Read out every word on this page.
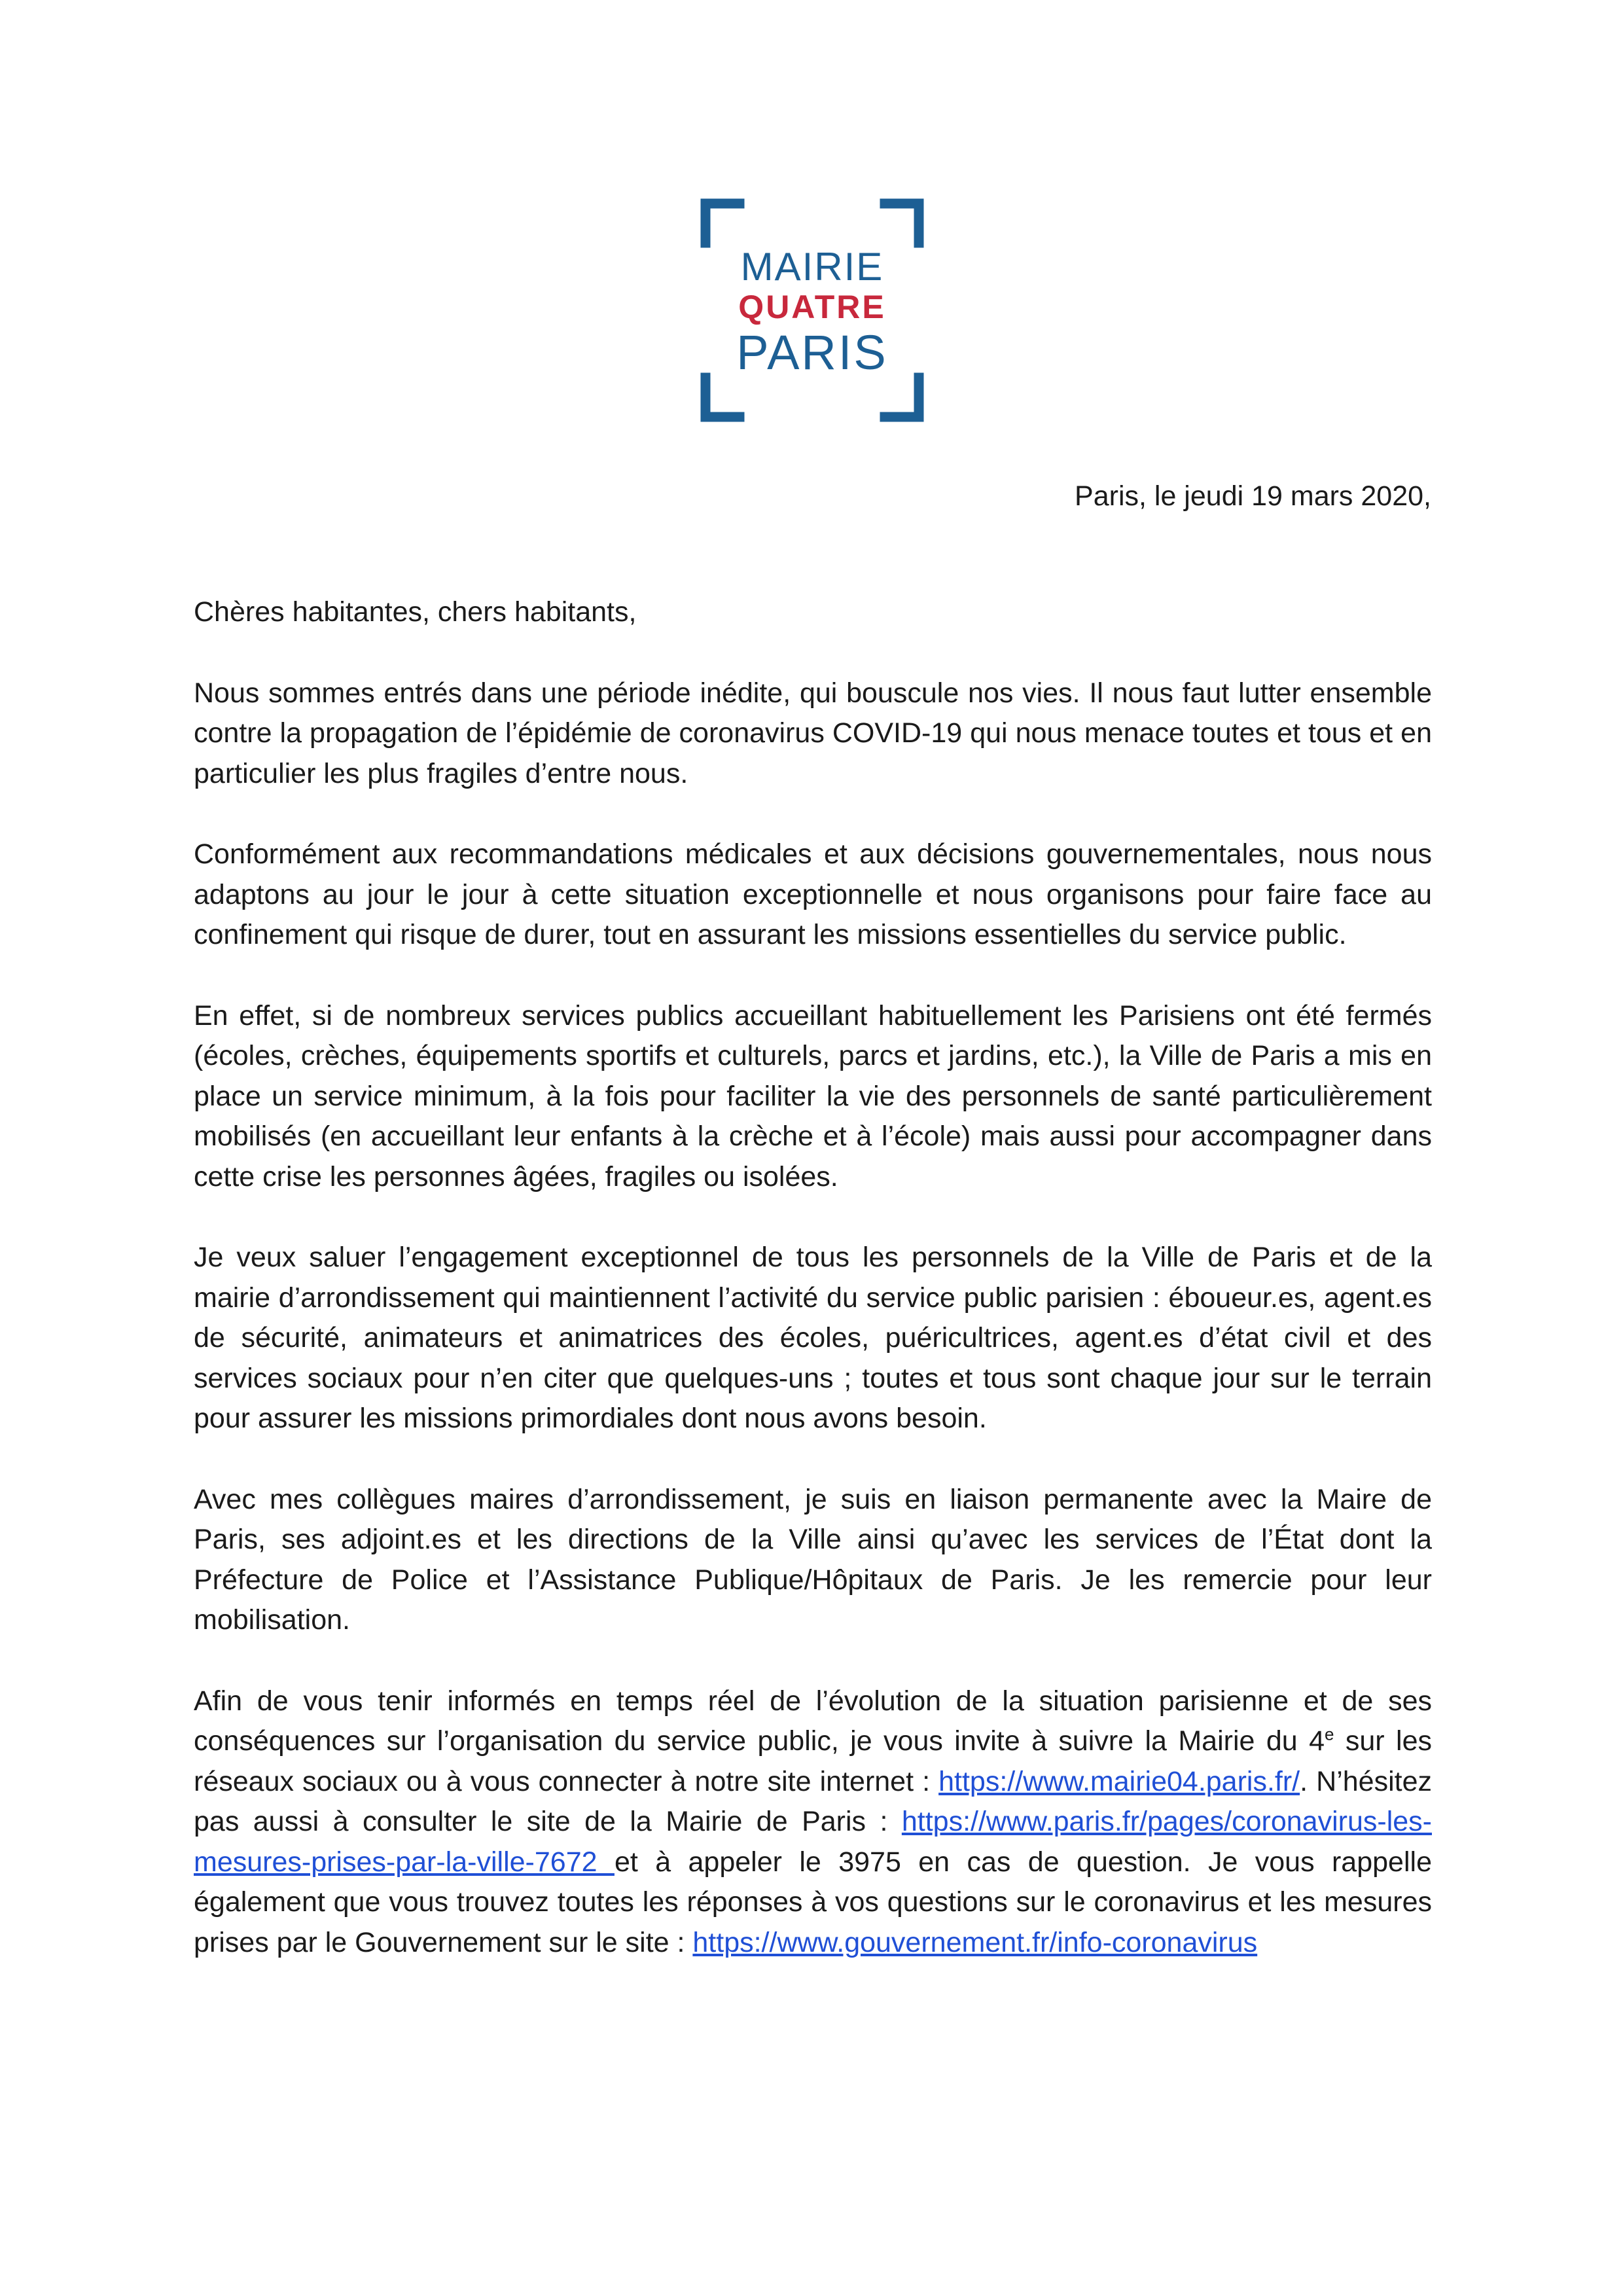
MAIRIE
QUATRE
PARIS
Paris, le jeudi 19 mars 2020,

Chères habitantes, chers habitants,

Nous sommes entrés dans une période inédite, qui bouscule nos vies. Il nous faut lutter ensemble contre la propagation de l’épidémie de coronavirus COVID-19 qui nous menace toutes et tous et en particulier les plus fragiles d’entre nous.

Conformément aux recommandations médicales et aux décisions gouvernementales, nous nous adaptons au jour le jour à cette situation exceptionnelle et nous organisons pour faire face au confinement qui risque de durer, tout en assurant les missions essentielles du service public.

En effet, si de nombreux services publics accueillant habituellement les Parisiens ont été fermés (écoles, crèches, équipements sportifs et culturels, parcs et jardins, etc.), la Ville de Paris a mis en place un service minimum, à la fois pour faciliter la vie des personnels de santé particulièrement mobilisés (en accueillant leur enfants à la crèche et à l’école) mais aussi pour accompagner dans cette crise les personnes âgées, fragiles ou isolées.

Je veux saluer l’engagement exceptionnel de tous les personnels de la Ville de Paris et de la mairie d’arrondissement qui maintiennent l’activité du service public parisien : éboueur.es, agent.es de sécurité, animateurs et animatrices des écoles, puéricultrices, agent.es d’état civil et des services sociaux pour n’en citer que quelques-uns ; toutes et tous sont chaque jour sur le terrain pour assurer les missions primordiales dont nous avons besoin.

Avec mes collègues maires d’arrondissement, je suis en liaison permanente avec la Maire de Paris, ses adjoint.es et les directions de la Ville ainsi qu’avec les services de l’État dont la Préfecture de Police et l’Assistance Publique/Hôpitaux de Paris. Je les remercie pour leur mobilisation.

Afin de vous tenir informés en temps réel de l’évolution de la situation parisienne et de ses conséquences sur l’organisation du service public, je vous invite à suivre la Mairie du 4e sur les réseaux sociaux ou à vous connecter à notre site internet : https://www.mairie04.paris.fr/. N’hésitez pas aussi à consulter le site de la Mairie de Paris : https://www.paris.fr/pages/coronavirus-les-mesures-prises-par-la-ville-7672 et à appeler le 3975 en cas de question. Je vous rappelle également que vous trouvez toutes les réponses à vos questions sur le coronavirus et les mesures prises par le Gouvernement sur le site : https://www.gouvernement.fr/info-coronavirus
